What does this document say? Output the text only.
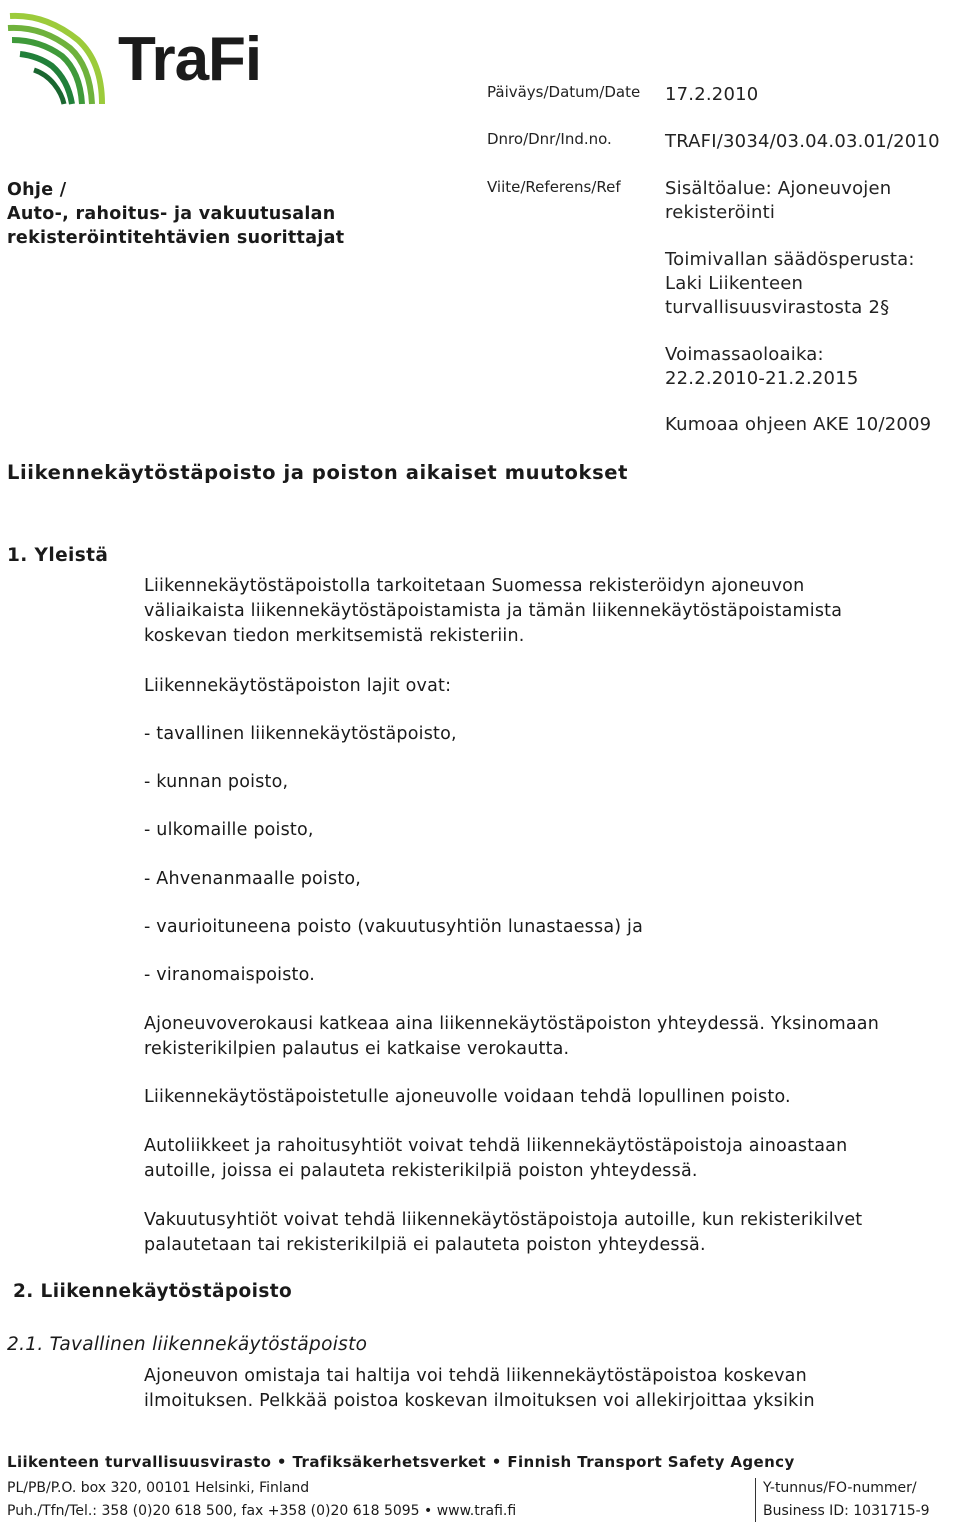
TraFi	Päiväys/Datum/Date 17.2.2010
Dnro/Dnr/Ind.no.	TRAFI/3034/03.04.03.01/2010
Viite/Referens/Ref Sisältöalue: Ajoneuvojen
rekisteröinti
Toimivallan säädösperusta:
Laki Liikenteen
turvallisuusvirastosta 2§
Voimassaoloaika:
22.2.2010-21.2.2015
Kumoaa ohjeen AKE 10/2009
Ohje /
Auto-, rahoitus- ja vakuutusalan
rekisteröintitehtävien suorittajat
Liikennekäytöstäpoisto ja poiston aikaiset muutokset
1. Yleistä
Liikennekäytöstäpoistolla tarkoitetaan Suomessa rekisteröidyn ajoneuvon
väliaikaista liikennekäytöstäpoistamista ja tämän liikennekäytöstäpoistamista
koskevan tiedon merkitsemistä rekisteriin.
Liikennekäytöstäpoiston lajit ovat:
- tavallinen liikennekäytöstäpoisto,
- kunnan poisto,
- ulkomaille poisto,
- Ahvenanmaalle poisto,
- vaurioituneena poisto (vakuutusyhtiön lunastaessa) ja
- viranomaispoisto.
Ajoneuvoverokausi katkeaa aina liikennekäytöstäpoiston yhteydessä. Yksinomaan
rekisterikilpien palautus ei katkaise verokautta.
Liikennekäytöstäpoistetulle ajoneuvolle voidaan tehdä lopullinen poisto.
Autoliikkeet ja rahoitusyhtiöt voivat tehdä liikennekäytöstäpoistoja ainoastaan
autoille, joissa ei palauteta rekisterikilpiä poiston yhteydessä.
Vakuutusyhtiöt voivat tehdä liikennekäytöstäpoistoja autoille, kun rekisterikilvet
palautetaan tai rekisterikilpiä ei palauteta poiston yhteydessä.
2. Liikennekäytöstäpoisto
2.1. Tavallinen liikennekäytöstäpoisto
Ajoneuvon omistaja tai haltija voi tehdä liikennekäytöstäpoistoa koskevan
ilmoituksen. Pelkkää poistoa koskevan ilmoituksen voi allekirjoittaa yksikin
Liikenteen turvallisuusvirasto • Trafiksäkerhetsverket • Finnish Transport Safety Agency
PL/PB/P.O. box 320, 00101 Helsinki, Finland
Puh./Tfn/Tel.: 358 (0)20 618 500, fax +358 (0)20 618 5095 • www.trafi.fi
Y-tunnus/FO-nummer/
Business ID: 1031715-9
